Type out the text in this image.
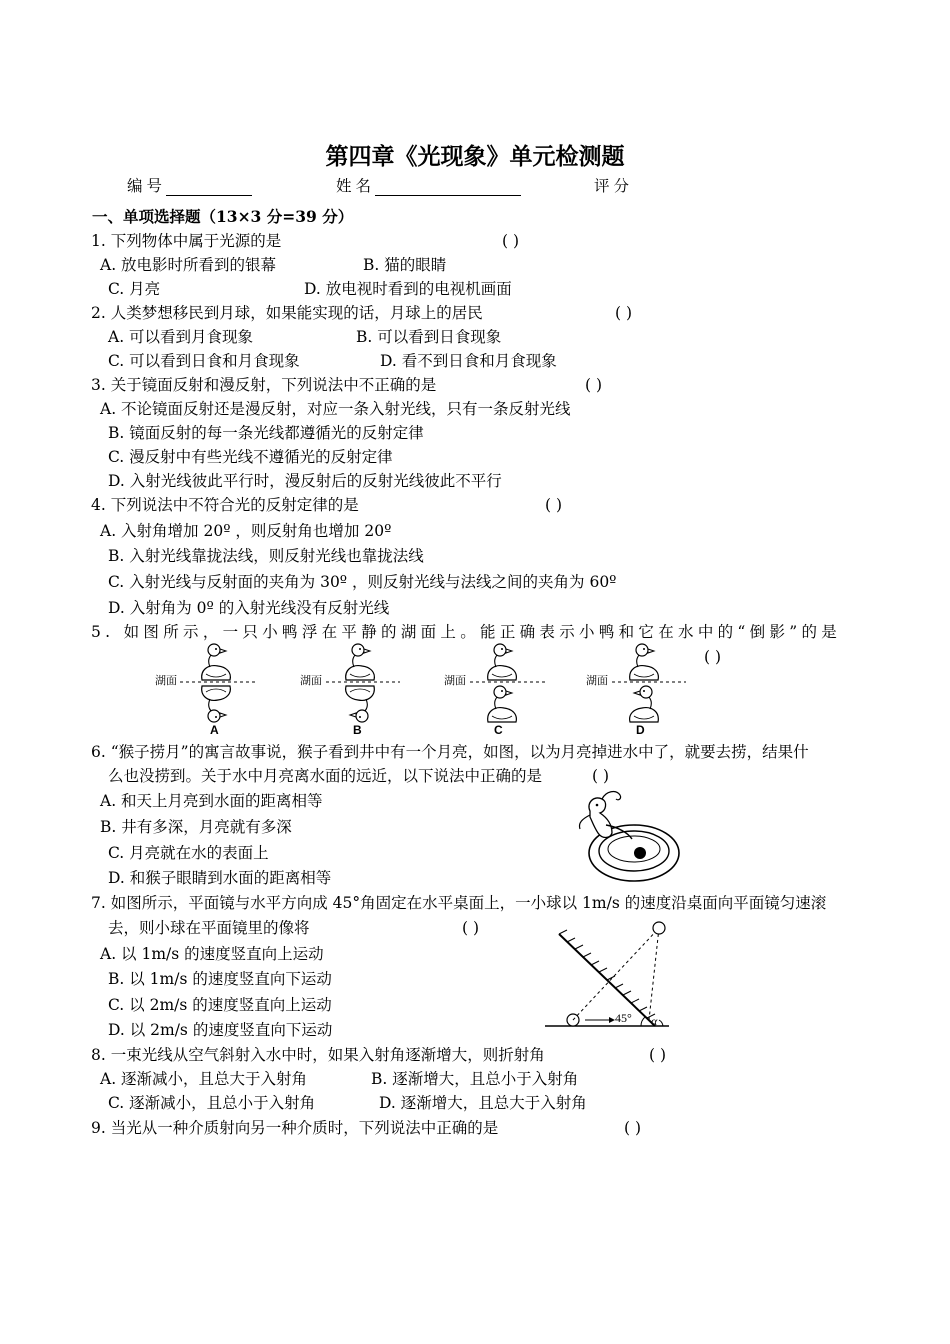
第四章《光现象》单元检测题
编号	姓名	评分
一、单项选择题（13×3 分=39 分）
1. 下列物体中属于光源的是	( )
A. 放电影时所看到的银幕	B. 猫的眼睛
C. 月亮	D. 放电视时看到的电视机画面
2. 人类梦想移民到月球，如果能实现的话，月球上的居民	( )
A. 可以看到月食现象	B. 可以看到日食现象
C. 可以看到日食和月食现象	D. 看不到日食和月食现象
3. 关于镜面反射和漫反射，下列说法中不正确的是	( )
A. 不论镜面反射还是漫反射，对应一条入射光线，只有一条反射光线
B. 镜面反射的每一条光线都遵循光的反射定律
C. 漫反射中有些光线不遵循光的反射定律
D. 入射光线彼此平行时，漫反射后的反射光线彼此不平行
4. 下列说法中不符合光的反射定律的是	( )
A. 入射角增加 20º ，则反射角也增加 20º
B. 入射光线靠拢法线，则反射光线也靠拢法线
C. 入射光线与反射面的夹角为 30º ，则反射光线与法线之间的夹角为 60º
D. 入射角为 0º 的入射光线没有反射光线
5. 如图所示，一只小鸭浮在平静的湖面上。能正确表示小鸭和它在水中的“倒影”的是
( )
湖面
A
湖面
B
湖面
C
湖面
D
6. “猴子捞月”的寓言故事说，猴子看到井中有一个月亮，如图，以为月亮掉进水中了，就要去捞，结果什
么也没捞到。关于水中月亮离水面的远近，以下说法中正确的是	( )
A. 和天上月亮到水面的距离相等
B. 井有多深，月亮就有多深
C. 月亮就在水的表面上
D. 和猴子眼睛到水面的距离相等
7. 如图所示，平面镜与水平方向成 45°角固定在水平桌面上，一小球以 1m/s 的速度沿桌面向平面镜匀速滚
去，则小球在平面镜里的像将	( )
A. 以 1m/s 的速度竖直向上运动
B. 以 1m/s 的速度竖直向下运动
C. 以 2m/s 的速度竖直向上运动
D. 以 2m/s 的速度竖直向下运动
45° α
8. 一束光线从空气斜射入水中时，如果入射角逐渐增大，则折射角	( )
A. 逐渐减小，且总大于入射角	B. 逐渐增大，且总小于入射角
C. 逐渐减小，且总小于入射角	D. 逐渐增大，且总大于入射角
9. 当光从一种介质射向另一种介质时，下列说法中正确的是	( )
